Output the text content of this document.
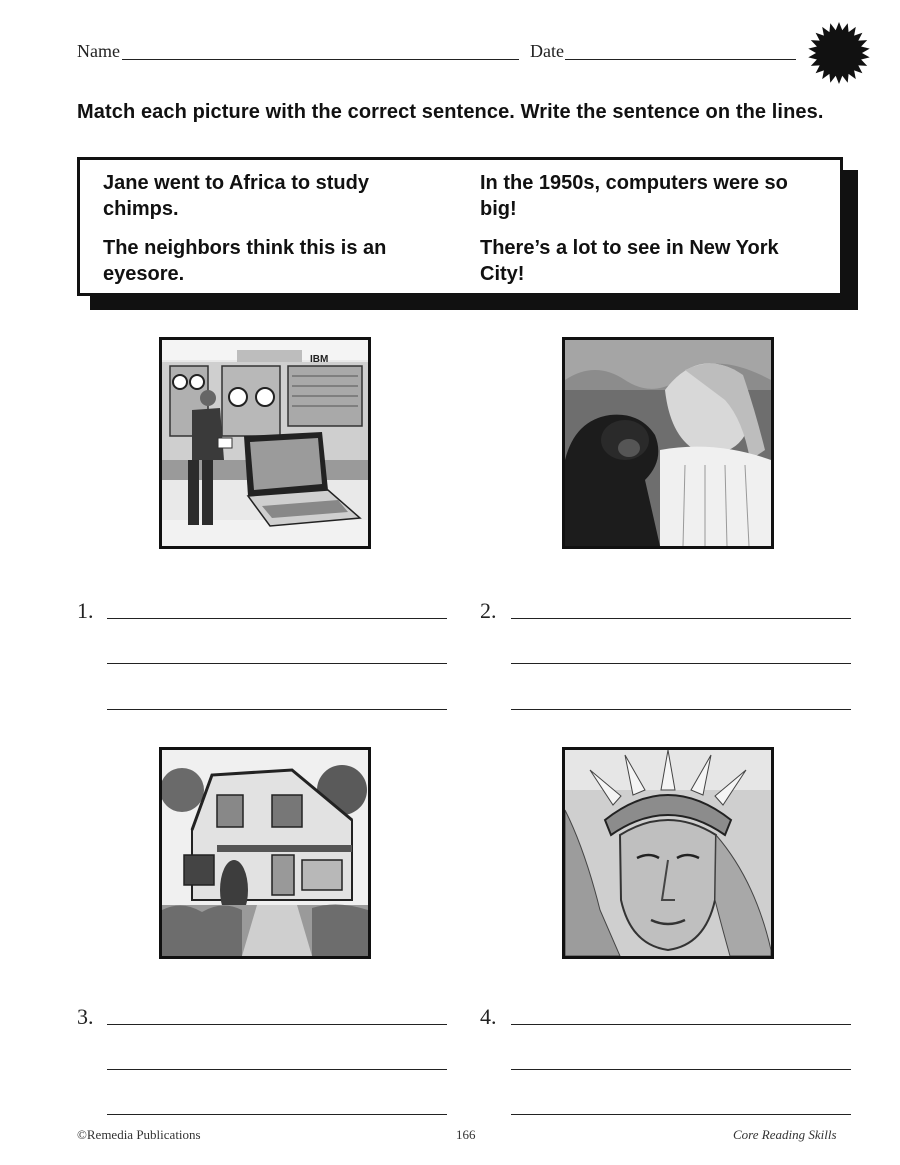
Name	Date
Match each picture with the correct sentence. Write the sentence on the lines.
Jane went to Africa to study chimps.
In the 1950s, computers were so big!
The neighbors think this is an eyesore.
There’s a lot to see in New York City!
IBM
1.	2.
3.	4.
©Remedia Publications	166	Core Reading Skills
